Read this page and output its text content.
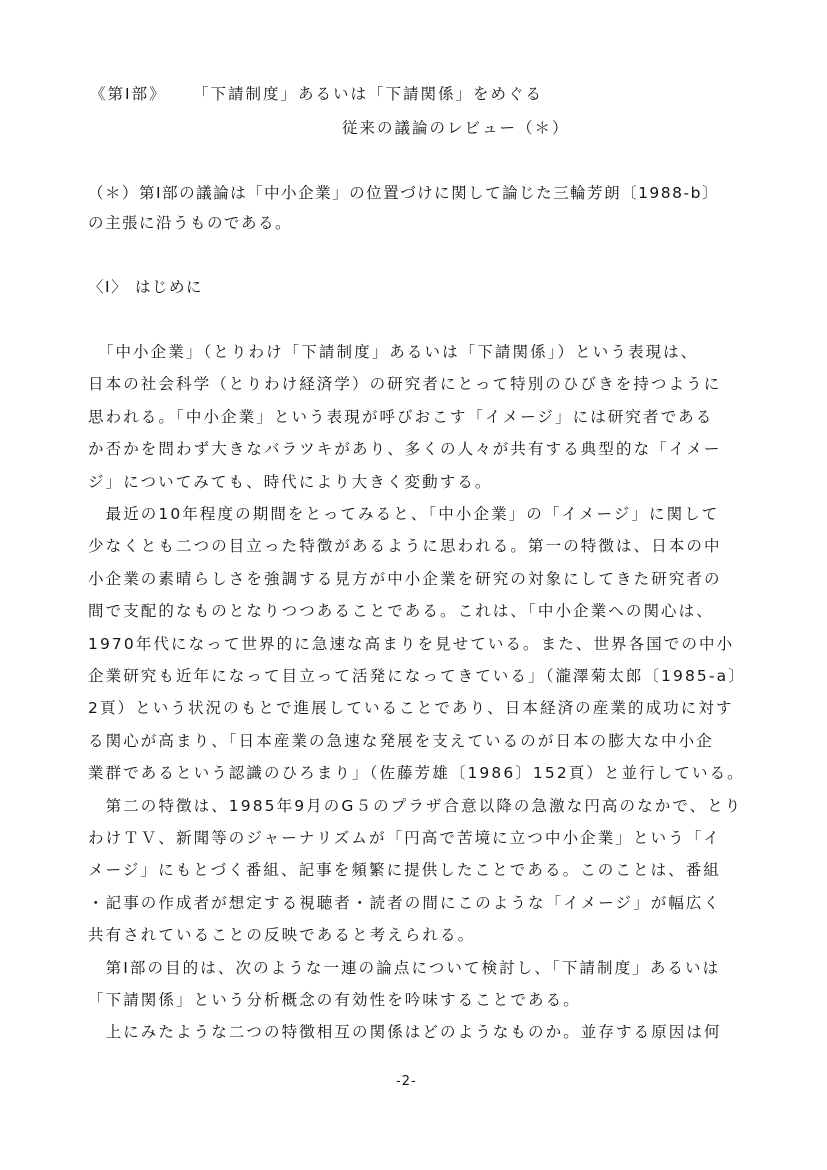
《第I部》 「下請制度」あるいは「下請関係」をめぐる
従来の議論のレビュー（＊）
（＊）第I部の議論は「中小企業」の位置づけに関して論じた三輪芳朗〔1988-b〕
の主張に沿うものである。
〈I〉 はじめに
　「中小企業」（とりわけ「下請制度」あるいは「下請関係」）という表現は、
日本の社会科学（とりわけ経済学）の研究者にとって特別のひびきを持つように
思われる。「中小企業」という表現が呼びおこす「イメージ」には研究者である
か否かを問わず大きなバラツキがあり、多くの人々が共有する典型的な「イメー
ジ」についてみても、時代により大きく変動する。
　最近の10年程度の期間をとってみると、「中小企業」の「イメージ」に関して
少なくとも二つの目立った特徴があるように思われる。第一の特徴は、日本の中
小企業の素晴らしさを強調する見方が中小企業を研究の対象にしてきた研究者の
間で支配的なものとなりつつあることである。これは、「中小企業への関心は、
1970年代になって世界的に急速な高まりを見せている。また、世界各国での中小
企業研究も近年になって目立って活発になってきている」（瀧澤菊太郎〔1985-a〕
2頁）という状況のもとで進展していることであり、日本経済の産業的成功に対す
る関心が高まり、「日本産業の急速な発展を支えているのが日本の膨大な中小企
業群であるという認識のひろまり」（佐藤芳雄〔1986〕152頁）と並行している。
　第二の特徴は、1985年9月のG５のプラザ合意以降の急激な円高のなかで、とり
わけＴＶ、新聞等のジャーナリズムが「円高で苦境に立つ中小企業」という「イ
メージ」にもとづく番組、記事を頻繁に提供したことである。このことは、番組
・記事の作成者が想定する視聴者・読者の間にこのような「イメージ」が幅広く
共有されていることの反映であると考えられる。
　第I部の目的は、次のような一連の論点について検討し、「下請制度」あるいは
「下請関係」という分析概念の有効性を吟味することである。
　上にみたような二つの特徴相互の関係はどのようなものか。並存する原因は何
-2-
